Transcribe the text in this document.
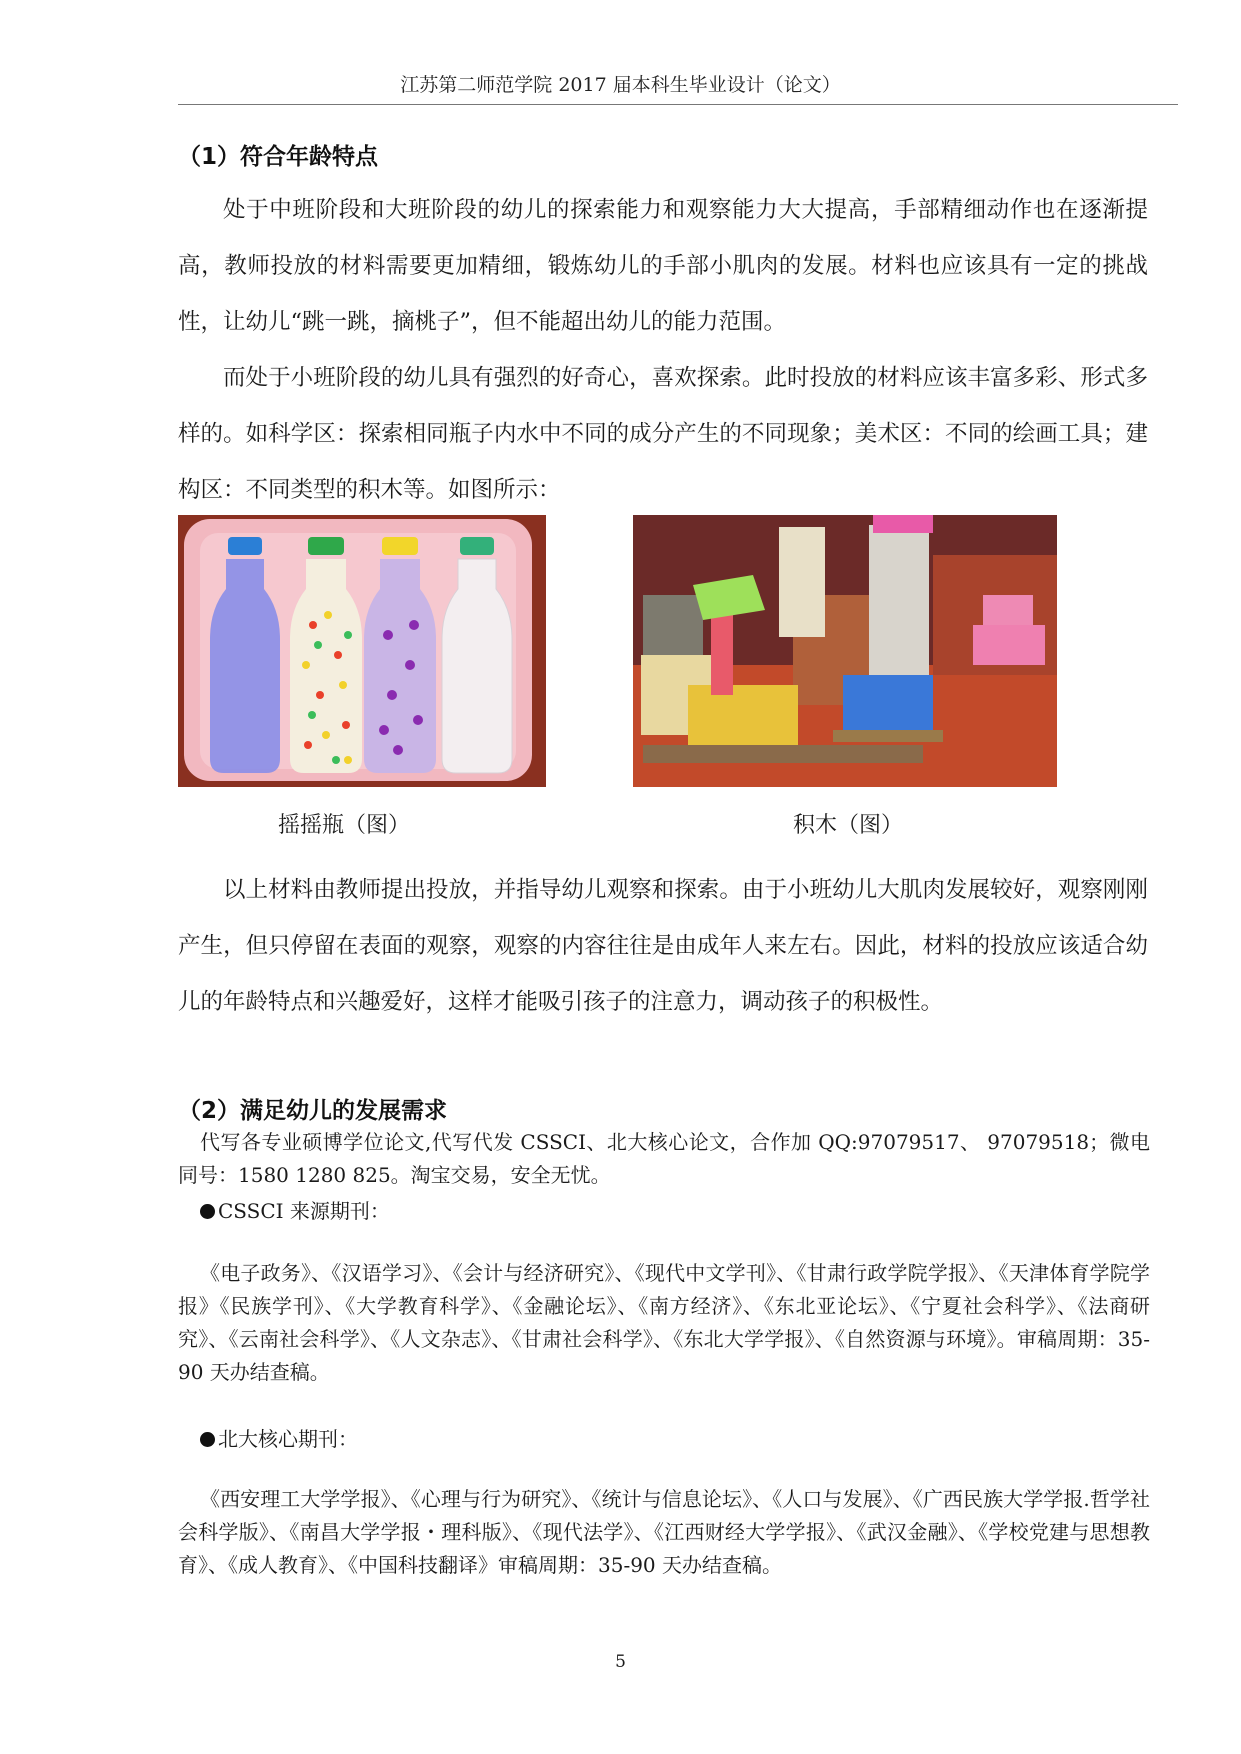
江苏第二师范学院 2017 届本科生毕业设计（论文）
（1）符合年龄特点

处于中班阶段和大班阶段的幼儿的探索能力和观察能力大大提高，手部精细动作也在逐渐提高，教师投放的材料需要更加精细，锻炼幼儿的手部小肌肉的发展。材料也应该具有一定的挑战性，让幼儿“跳一跳，摘桃子”，但不能超出幼儿的能力范围。

而处于小班阶段的幼儿具有强烈的好奇心，喜欢探索。此时投放的材料应该丰富多彩、形式多样的。如科学区：探索相同瓶子内水中不同的成分产生的不同现象；美术区：不同的绘画工具；建构区：不同类型的积木等。如图所示：

摇摇瓶（图）	积木（图）

以上材料由教师提出投放，并指导幼儿观察和探索。由于小班幼儿大肌肉发展较好，观察刚刚产生，但只停留在表面的观察，观察的内容往往是由成年人来左右。因此，材料的投放应该适合幼儿的年龄特点和兴趣爱好，这样才能吸引孩子的注意力，调动孩子的积极性。

（2）满足幼儿的发展需求

代写各专业硕博学位论文,代写代发 CSSCI、北大核心论文，合作加 QQ:97079517、 97079518；微电同号：1580 1280 825。淘宝交易，安全无忧。

CSSCI 来源期刊：

《电子政务》、《汉语学习》、《会计与经济研究》、《现代中文学刊》、《甘肃行政学院学报》、《天津体育学院学报》《民族学刊》、《大学教育科学》、《金融论坛》、《南方经济》、《东北亚论坛》、《宁夏社会科学》、《法商研究》、《云南社会科学》、《人文杂志》、《甘肃社会科学》、《东北大学学报》、《自然资源与环境》。审稿周期：35-90 天办结查稿。

北大核心期刊：

《西安理工大学学报》、《心理与行为研究》、《统计与信息论坛》、《人口与发展》、《广西民族大学学报.哲学社会科学版》、《南昌大学学报・理科版》、《现代法学》、《江西财经大学学报》、《武汉金融》、《学校党建与思想教育》、《成人教育》、《中国科技翻译》审稿周期：35-90 天办结查稿。

5
